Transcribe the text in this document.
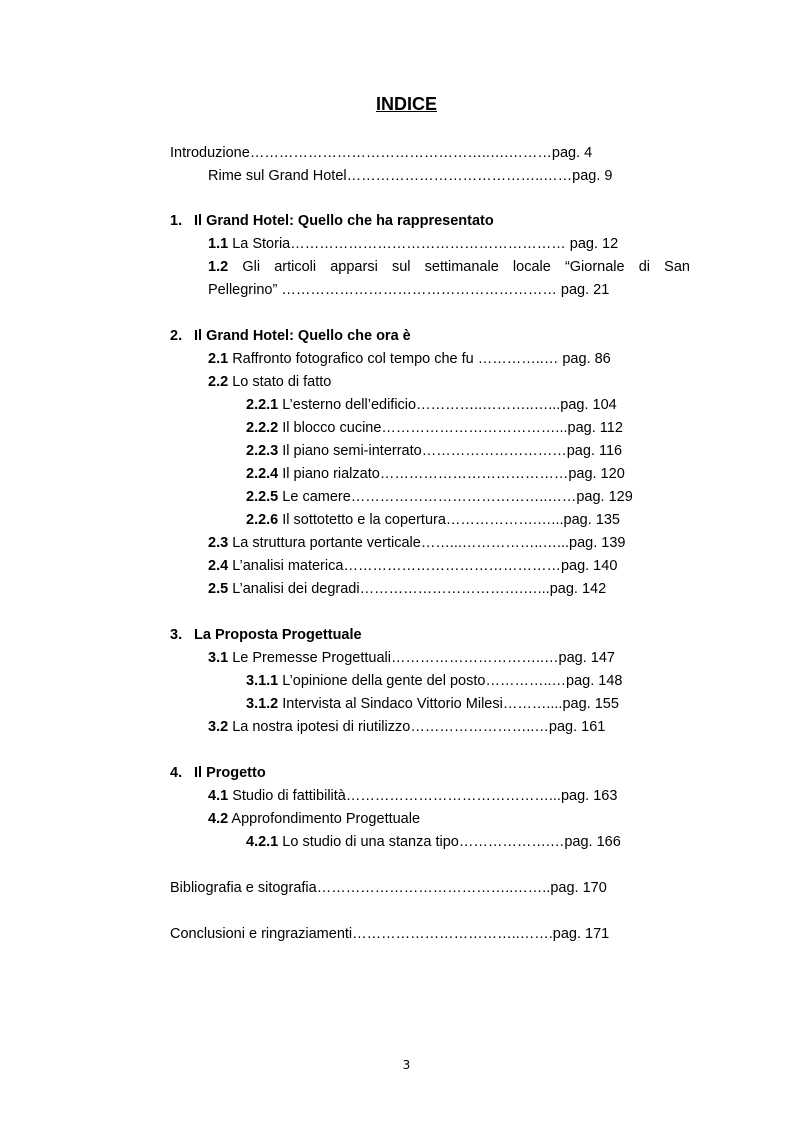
INDICE
Introduzione…………………………………………..….………pag. 4
Rime sul Grand Hotel…………………………………..……pag. 9
1. Il Grand Hotel: Quello che ha rappresentato
1.1 La Storia………………………………………………… pag. 12
1.2 Gli articoli apparsi sul settimanale locale “Giornale di San
Pellegrino” ………………………………………………… pag. 21
2. Il Grand Hotel: Quello che ora è
2.1 Raffronto fotografico col tempo che fu …………..… pag. 86
2.2 Lo stato di fatto
2.2.1 L’esterno dell’edificio…………..………..…...pag. 104
2.2.2 Il blocco cucine………………………………...pag. 112
2.2.3 Il piano semi-interrato…………………………pag. 116
2.2.4 Il piano rialzato…………………………………pag. 120
2.2.5 Le camere…………………………………..……pag. 129
2.2.6 Il sottotetto e la copertura……………….…...pag. 135
2.3 La struttura portante verticale……...……………..…...pag. 139
2.4 L’analisi materica………………………………………pag. 140
2.5 L’analisi dei degradi…………………………….…...pag. 142
3. La Proposta Progettuale
3.1 Le Premesse Progettuali…………………………..…pag. 147
3.1.1 L’opinione della gente del posto…………..…pag. 148
3.1.2 Intervista al Sindaco Vittorio Milesi………....pag. 155
3.2 La nostra ipotesi di riutilizzo……………………..…pag. 161
4. Il Progetto
4.1 Studio di fattibilità……………………………………...pag. 163
4.2 Approfondimento Progettuale
4.2.1 Lo studio di una stanza tipo……………….…pag. 166
Bibliografia e sitografia…………………………………..……..pag. 170
Conclusioni e ringraziamenti……………………………..…….pag. 171
3
